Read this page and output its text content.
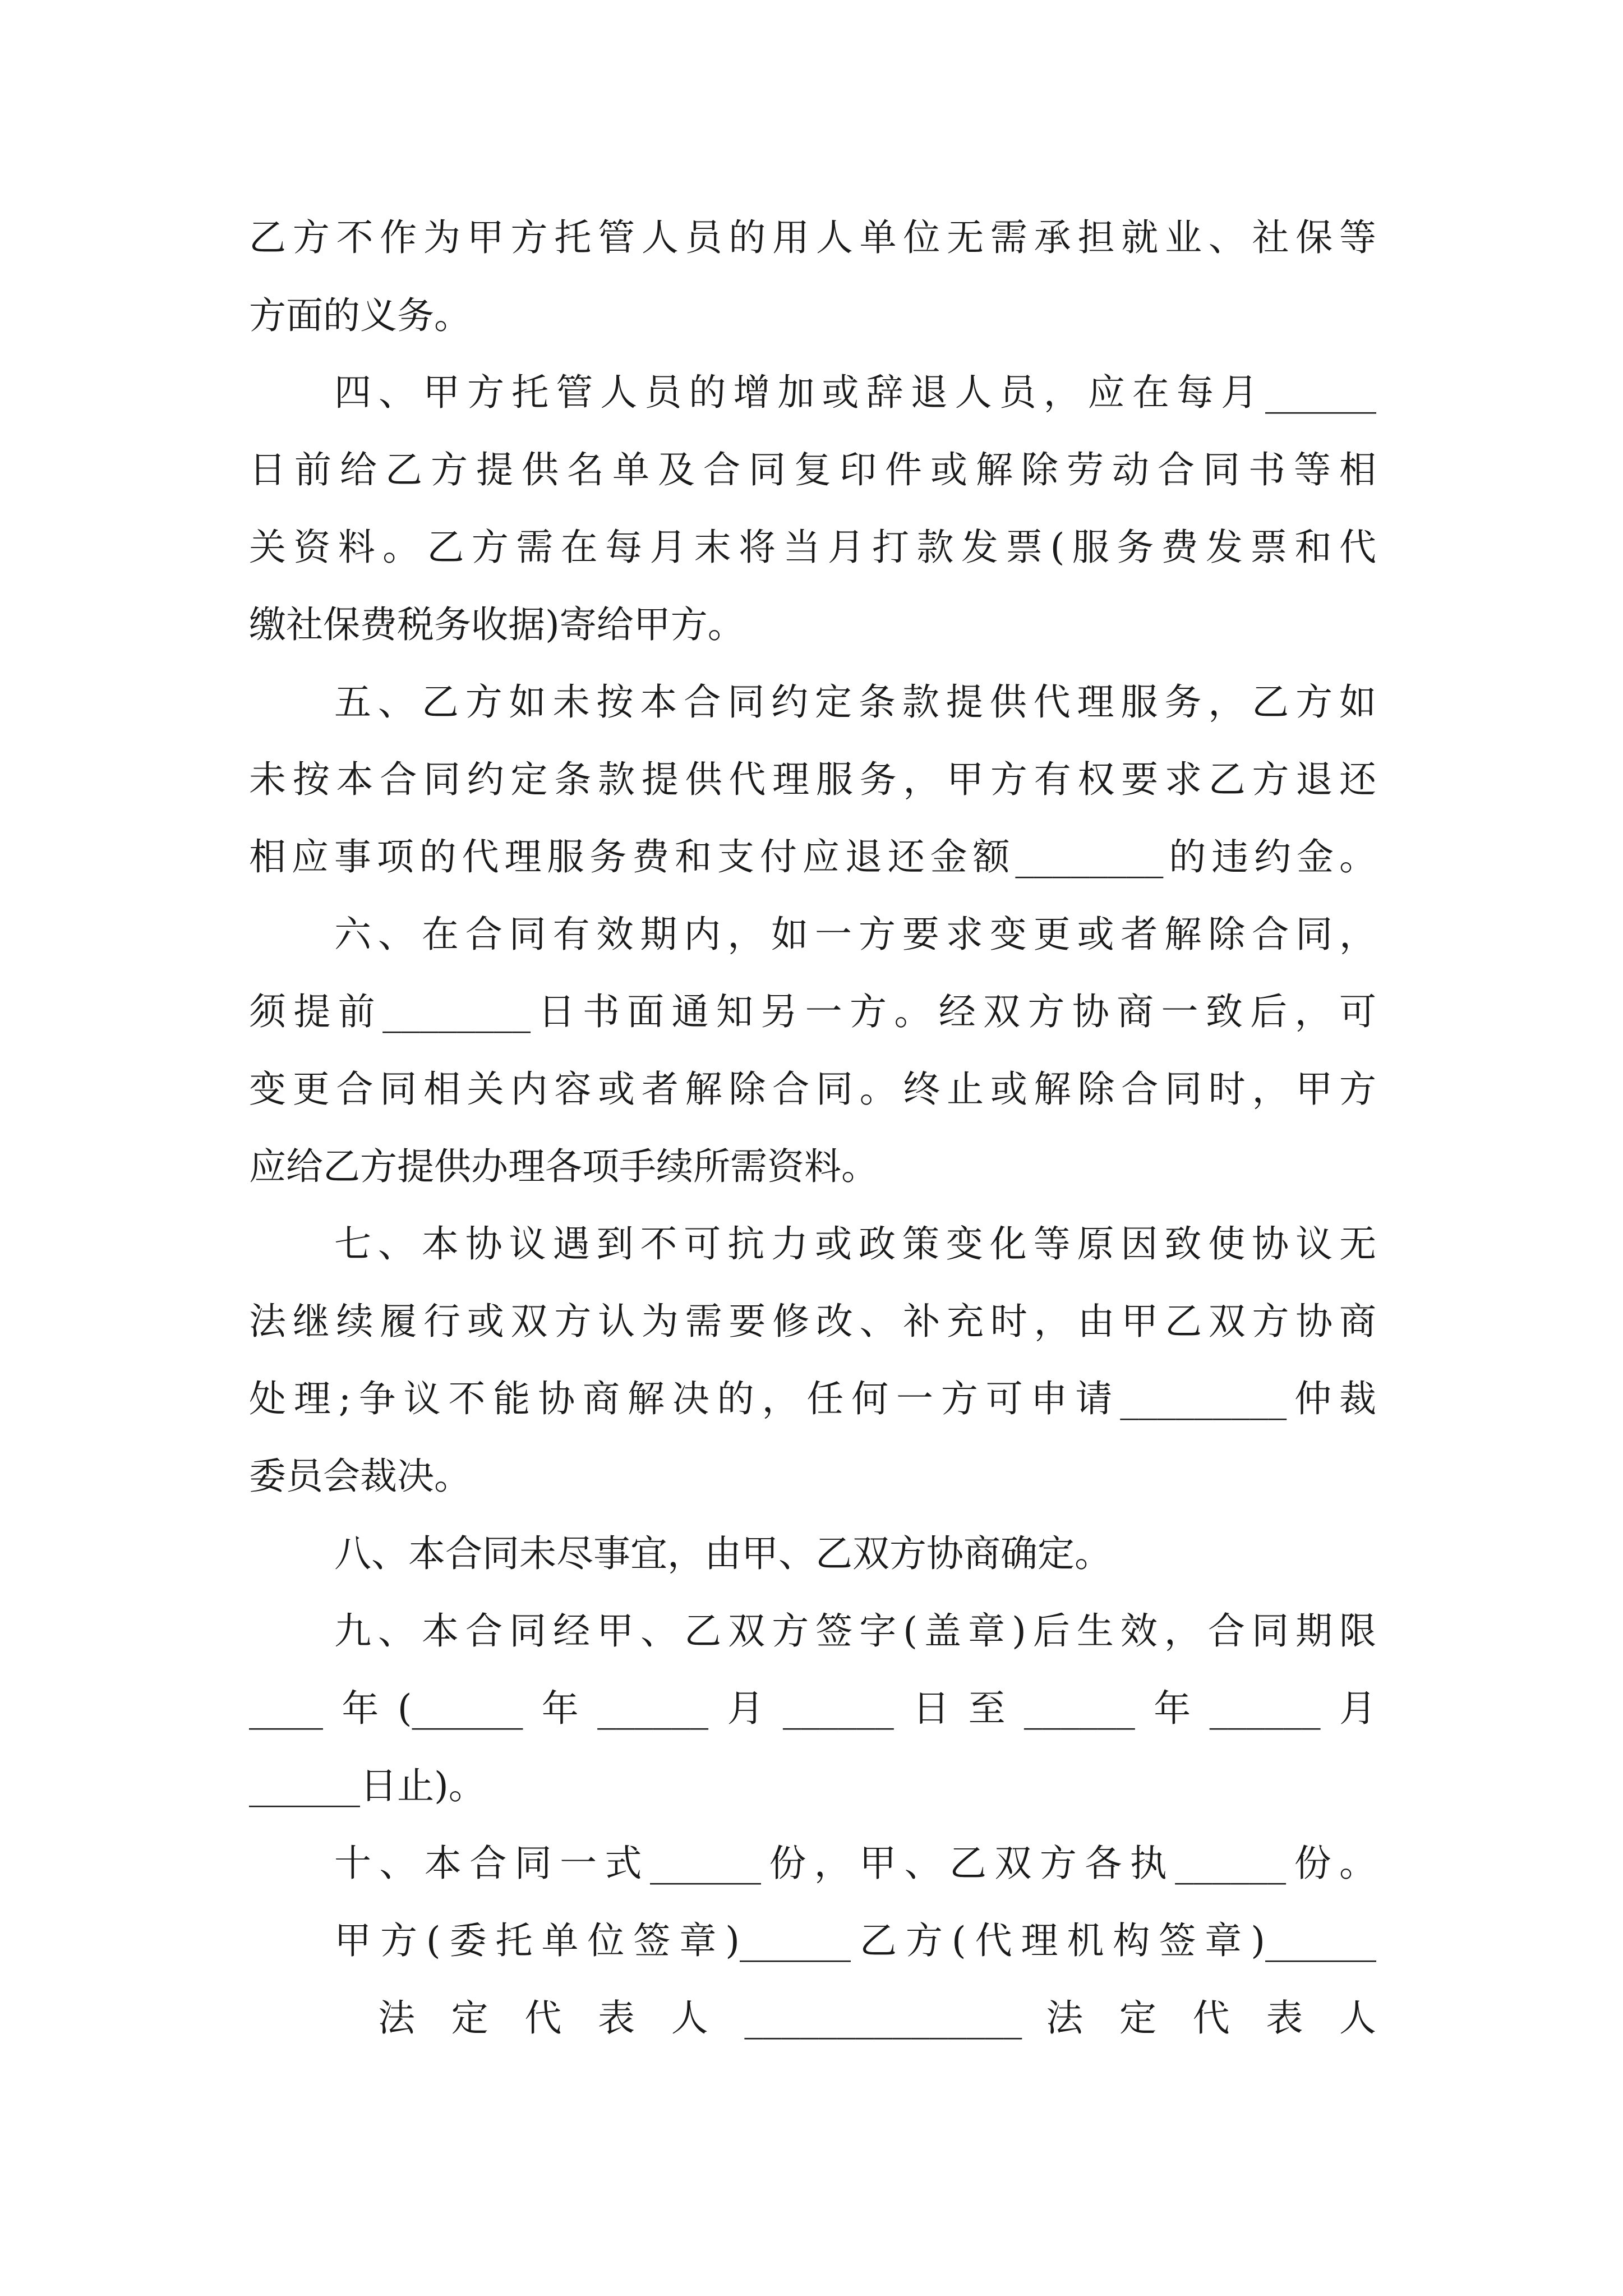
乙方不作为甲方托管人员的用人单位无需承担就业、社保等
方面的义务。
四、甲方托管人员的增加或辞退人员，应在每月______
日前给乙方提供名单及合同复印件或解除劳动合同书等相
关资料。乙方需在每月末将当月打款发票(服务费发票和代
缴社保费税务收据)寄给甲方。
五、乙方如未按本合同约定条款提供代理服务，乙方如
未按本合同约定条款提供代理服务，甲方有权要求乙方退还
相应事项的代理服务费和支付应退还金额________的违约金。
六、在合同有效期内，如一方要求变更或者解除合同，
须提前________日书面通知另一方。经双方协商一致后，可
变更合同相关内容或者解除合同。终止或解除合同时，甲方
应给乙方提供办理各项手续所需资料。
七、本协议遇到不可抗力或政策变化等原因致使协议无
法继续履行或双方认为需要修改、补充时，由甲乙双方协商
处理;争议不能协商解决的，任何一方可申请_________仲裁
委员会裁决。
八、本合同未尽事宜，由甲、乙双方协商确定。
九、本合同经甲、乙双方签字(盖章)后生效，合同期限
____年(______年______月______日至______年______月
______日止)。
十、本合同一式______份，甲、乙双方各执______份。
甲方(委托单位签章)______乙方(代理机构签章)______
法 定 代 表 人 _______________ 法 定 代 表 人
